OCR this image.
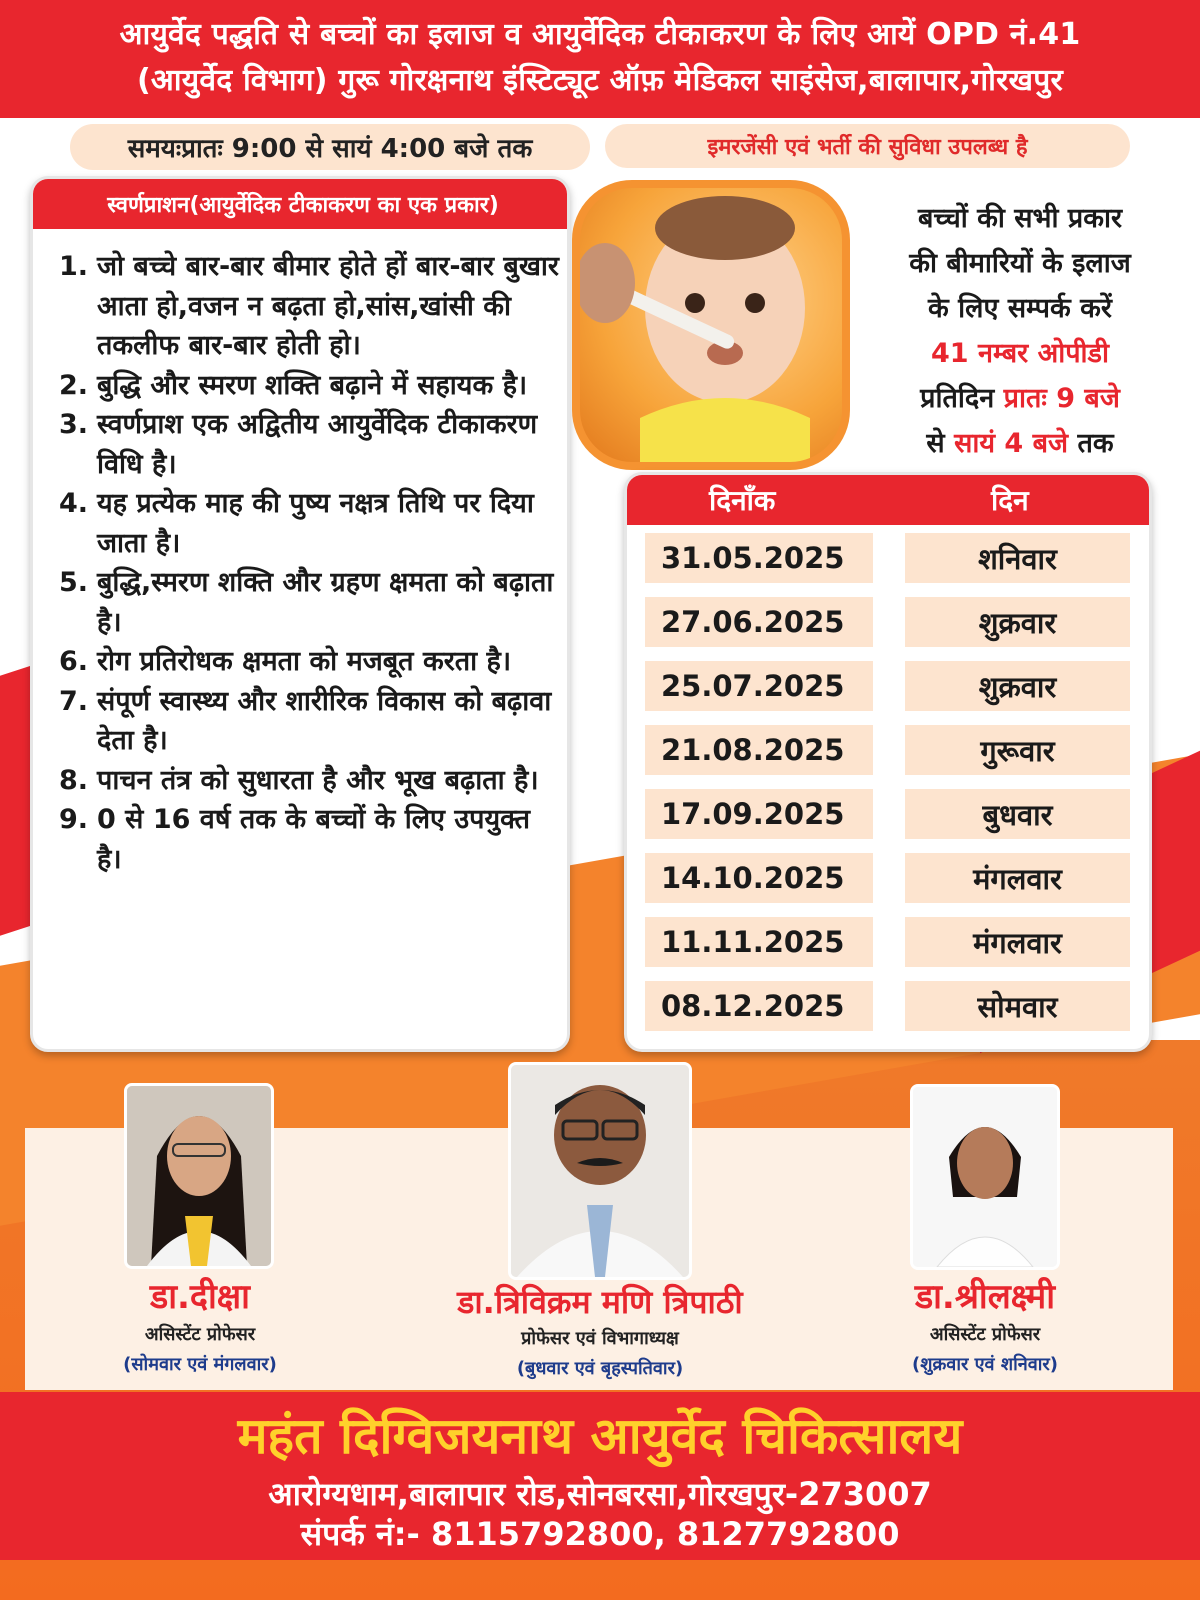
आयुर्वेद पद्धति से बच्चों का इलाज व आयुर्वेदिक टीकाकरण के लिए आयें OPD नं.41
(आयुर्वेद विभाग) गुरू गोरक्षनाथ इंस्टिट्यूट ऑफ़ मेडिकल साइंसेज,बालापार,गोरखपुर
समयःप्रातः 9:00 से सायं 4:00 बजे तक	इमरजेंसी एवं भर्ती की सुविधा उपलब्ध है
स्वर्णप्राशन(आयुर्वेदिक टीकाकरण का एक प्रकार)
1. जो बच्चे बार-बार बीमार होते हों बार-बार बुखार आता हो,वजन न बढ़ता हो,सांस,खांसी की तकलीफ बार-बार होती हो।
2. बुद्धि और स्मरण शक्ति बढ़ाने में सहायक है।
3. स्वर्णप्राश एक अद्वितीय आयुर्वेदिक टीकाकरण विधि है।
4. यह प्रत्येक माह की पुष्य नक्षत्र तिथि पर दिया जाता है।
5. बुद्धि,स्मरण शक्ति और ग्रहण क्षमता को बढ़ाता है।
6. रोग प्रतिरोधक क्षमता को मजबूत करता है।
7. संपूर्ण स्वास्थ्य और शारीरिक विकास को बढ़ावा देता है।
8. पाचन तंत्र को सुधारता है और भूख बढ़ाता है।
9. 0 से 16 वर्ष तक के बच्चों के लिए उपयुक्त है।
बच्चों की सभी प्रकार
की बीमारियों के इलाज
के लिए सम्पर्क करें
41 नम्बर ओपीडी
प्रतिदिन प्रातः 9 बजे
से सायं 4 बजे तक
दिनाँक	दिन
31.05.2025	शनिवार
27.06.2025	शुक्रवार
25.07.2025	शुक्रवार
21.08.2025	गुरूवार
17.09.2025	बुधवार
14.10.2025	मंगलवार
11.11.2025	मंगलवार
08.12.2025	सोमवार
डा.दीक्षा
असिस्टेंट प्रोफेसर
(सोमवार एवं मंगलवार)
डा.त्रिविक्रम मणि त्रिपाठी
प्रोफेसर एवं विभागाध्यक्ष
(बुधवार एवं बृहस्पतिवार)
डा.श्रीलक्ष्मी
असिस्टेंट प्रोफेसर
(शुक्रवार एवं शनिवार)
महंत दिग्विजयनाथ आयुर्वेद चिकित्सालय
आरोग्यधाम,बालापार रोड,सोनबरसा,गोरखपुर-273007
संपर्क नं:- 8115792800, 8127792800
